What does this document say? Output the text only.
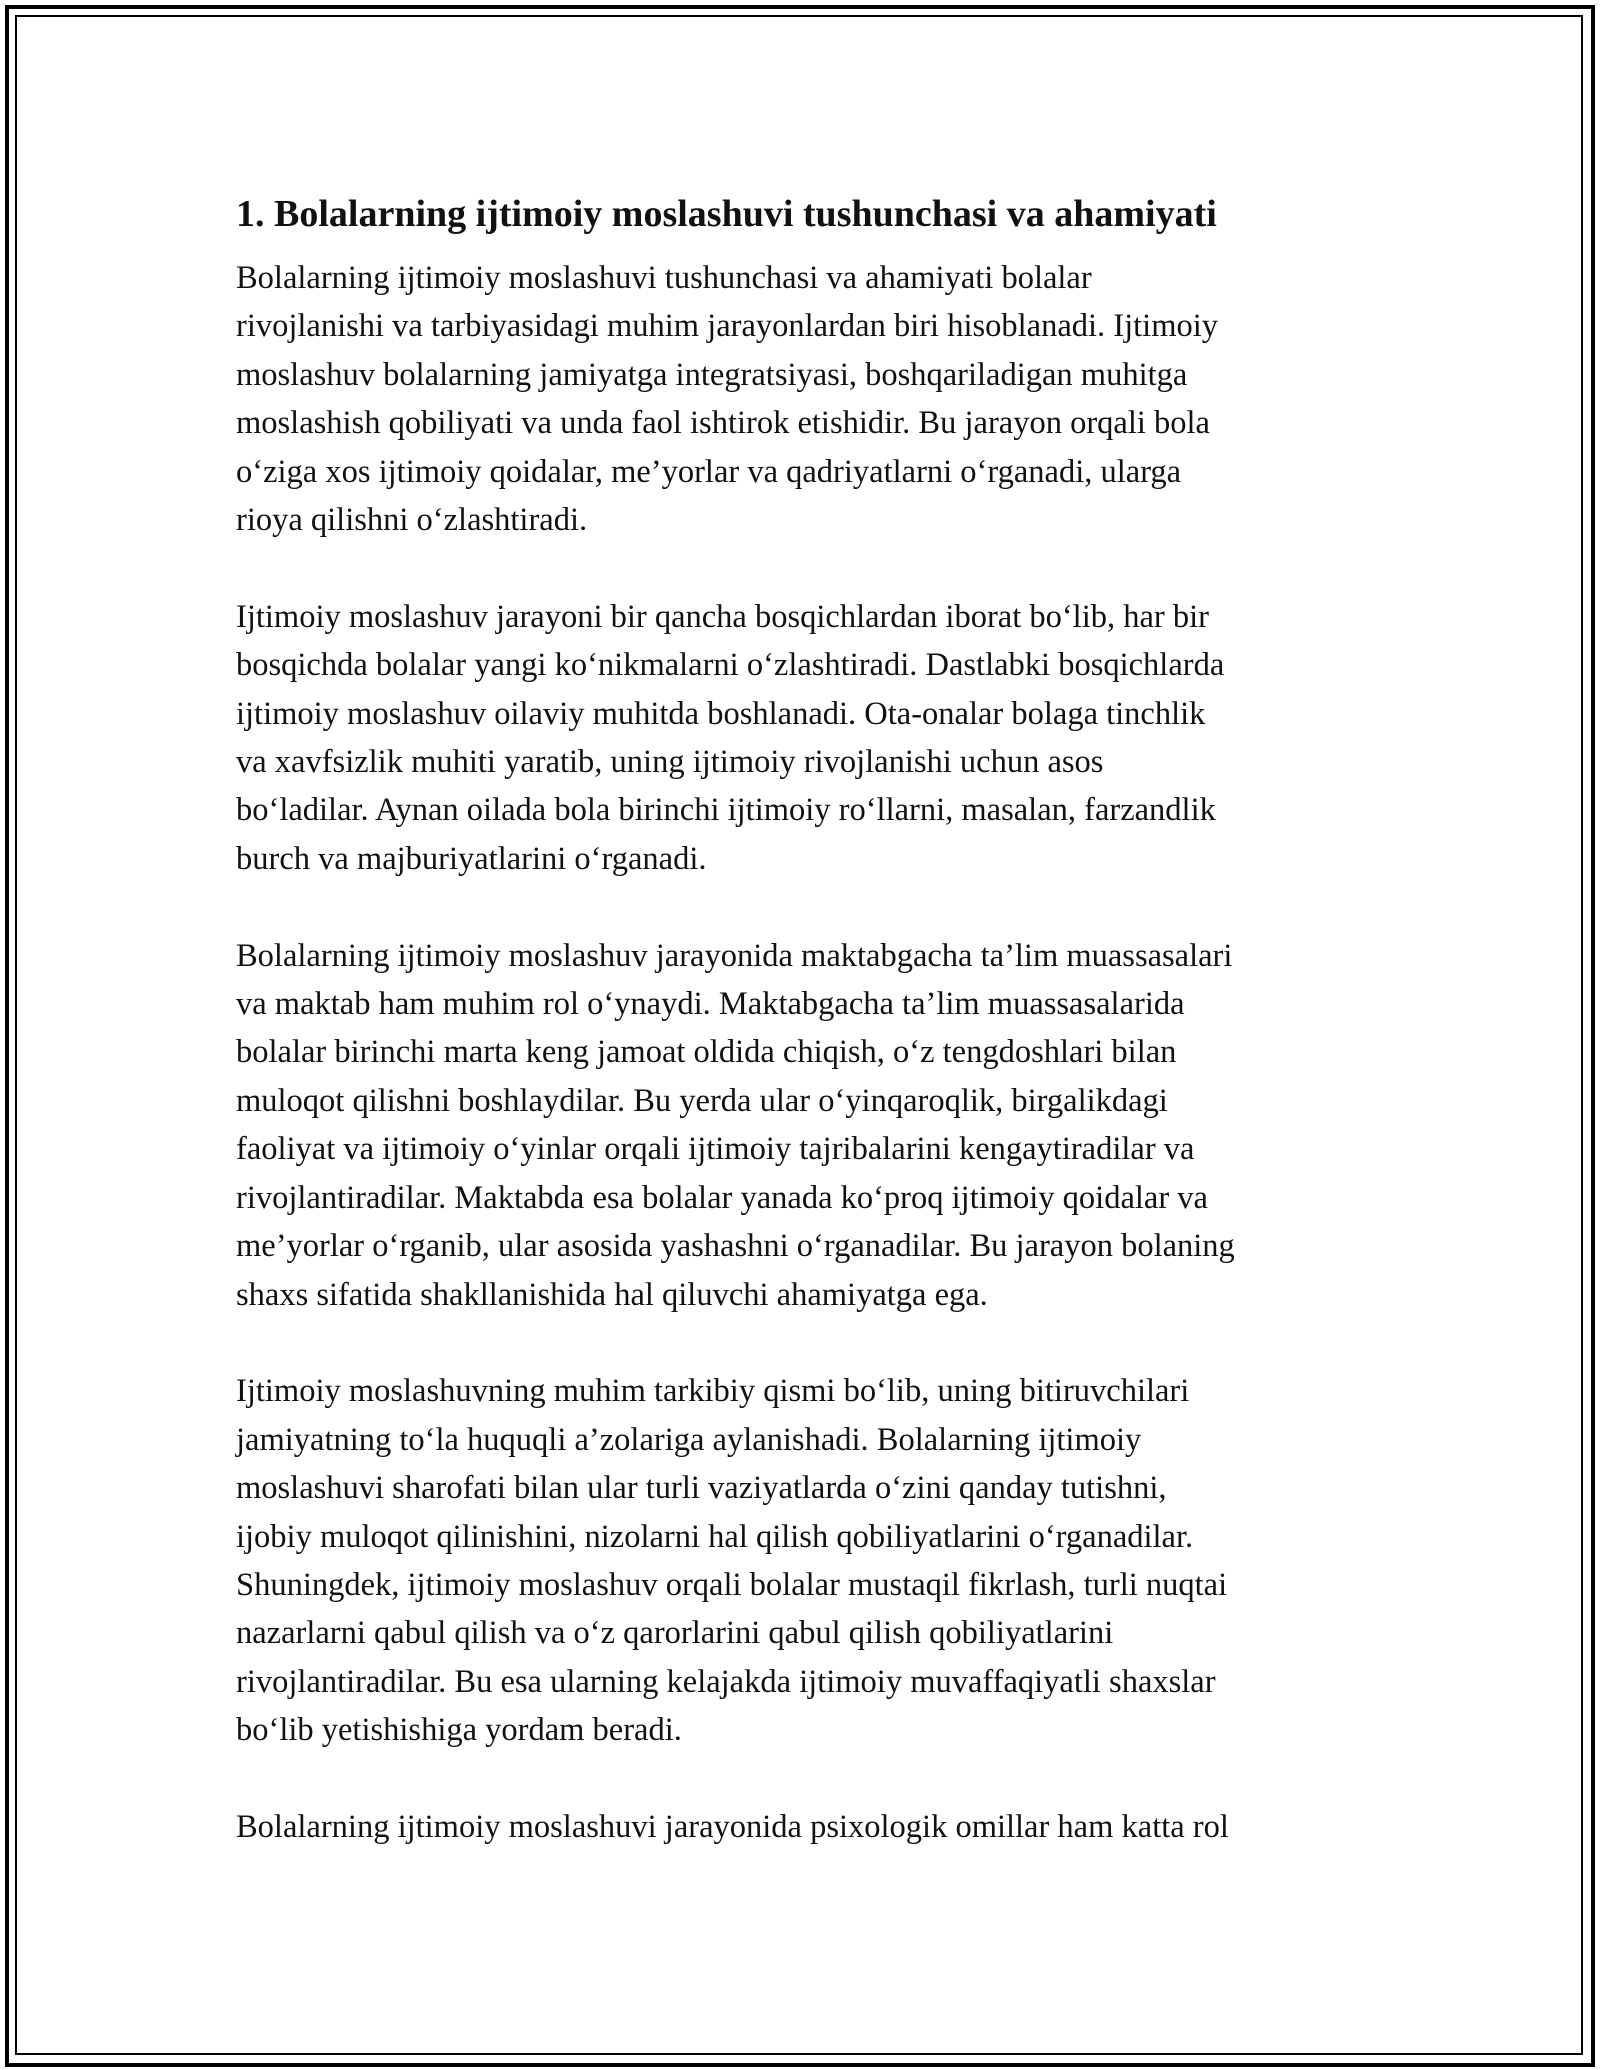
1. Bolalarning ijtimoiy moslashuvi tushunchasi va ahamiyati

Bolalarning ijtimoiy moslashuvi tushunchasi va ahamiyati bolalar
rivojlanishi va tarbiyasidagi muhim jarayonlardan biri hisoblanadi. Ijtimoiy
moslashuv bolalarning jamiyatga integratsiyasi, boshqariladigan muhitga
moslashish qobiliyati va unda faol ishtirok etishidir. Bu jarayon orqali bola
o‘ziga xos ijtimoiy qoidalar, me’yorlar va qadriyatlarni o‘rganadi, ularga
rioya qilishni o‘zlashtiradi.

Ijtimoiy moslashuv jarayoni bir qancha bosqichlardan iborat bo‘lib, har bir
bosqichda bolalar yangi ko‘nikmalarni o‘zlashtiradi. Dastlabki bosqichlarda
ijtimoiy moslashuv oilaviy muhitda boshlanadi. Ota-onalar bolaga tinchlik
va xavfsizlik muhiti yaratib, uning ijtimoiy rivojlanishi uchun asos
bo‘ladilar. Aynan oilada bola birinchi ijtimoiy ro‘llarni, masalan, farzandlik
burch va majburiyatlarini o‘rganadi.

Bolalarning ijtimoiy moslashuv jarayonida maktabgacha ta’lim muassasalari
va maktab ham muhim rol o‘ynaydi. Maktabgacha ta’lim muassasalarida
bolalar birinchi marta keng jamoat oldida chiqish, o‘z tengdoshlari bilan
muloqot qilishni boshlaydilar. Bu yerda ular o‘yinqaroqlik, birgalikdagi
faoliyat va ijtimoiy o‘yinlar orqali ijtimoiy tajribalarini kengaytiradilar va
rivojlantiradilar. Maktabda esa bolalar yanada ko‘proq ijtimoiy qoidalar va
me’yorlar o‘rganib, ular asosida yashashni o‘rganadilar. Bu jarayon bolaning
shaxs sifatida shakllanishida hal qiluvchi ahamiyatga ega.

Ijtimoiy moslashuvning muhim tarkibiy qismi bo‘lib, uning bitiruvchilari
jamiyatning to‘la huquqli a’zolariga aylanishadi. Bolalarning ijtimoiy
moslashuvi sharofati bilan ular turli vaziyatlarda o‘zini qanday tutishni,
ijobiy muloqot qilinishini, nizolarni hal qilish qobiliyatlarini o‘rganadilar.
Shuningdek, ijtimoiy moslashuv orqali bolalar mustaqil fikrlash, turli nuqtai
nazarlarni qabul qilish va o‘z qarorlarini qabul qilish qobiliyatlarini
rivojlantiradilar. Bu esa ularning kelajakda ijtimoiy muvaffaqiyatli shaxslar
bo‘lib yetishishiga yordam beradi.

Bolalarning ijtimoiy moslashuvi jarayonida psixologik omillar ham katta rol
